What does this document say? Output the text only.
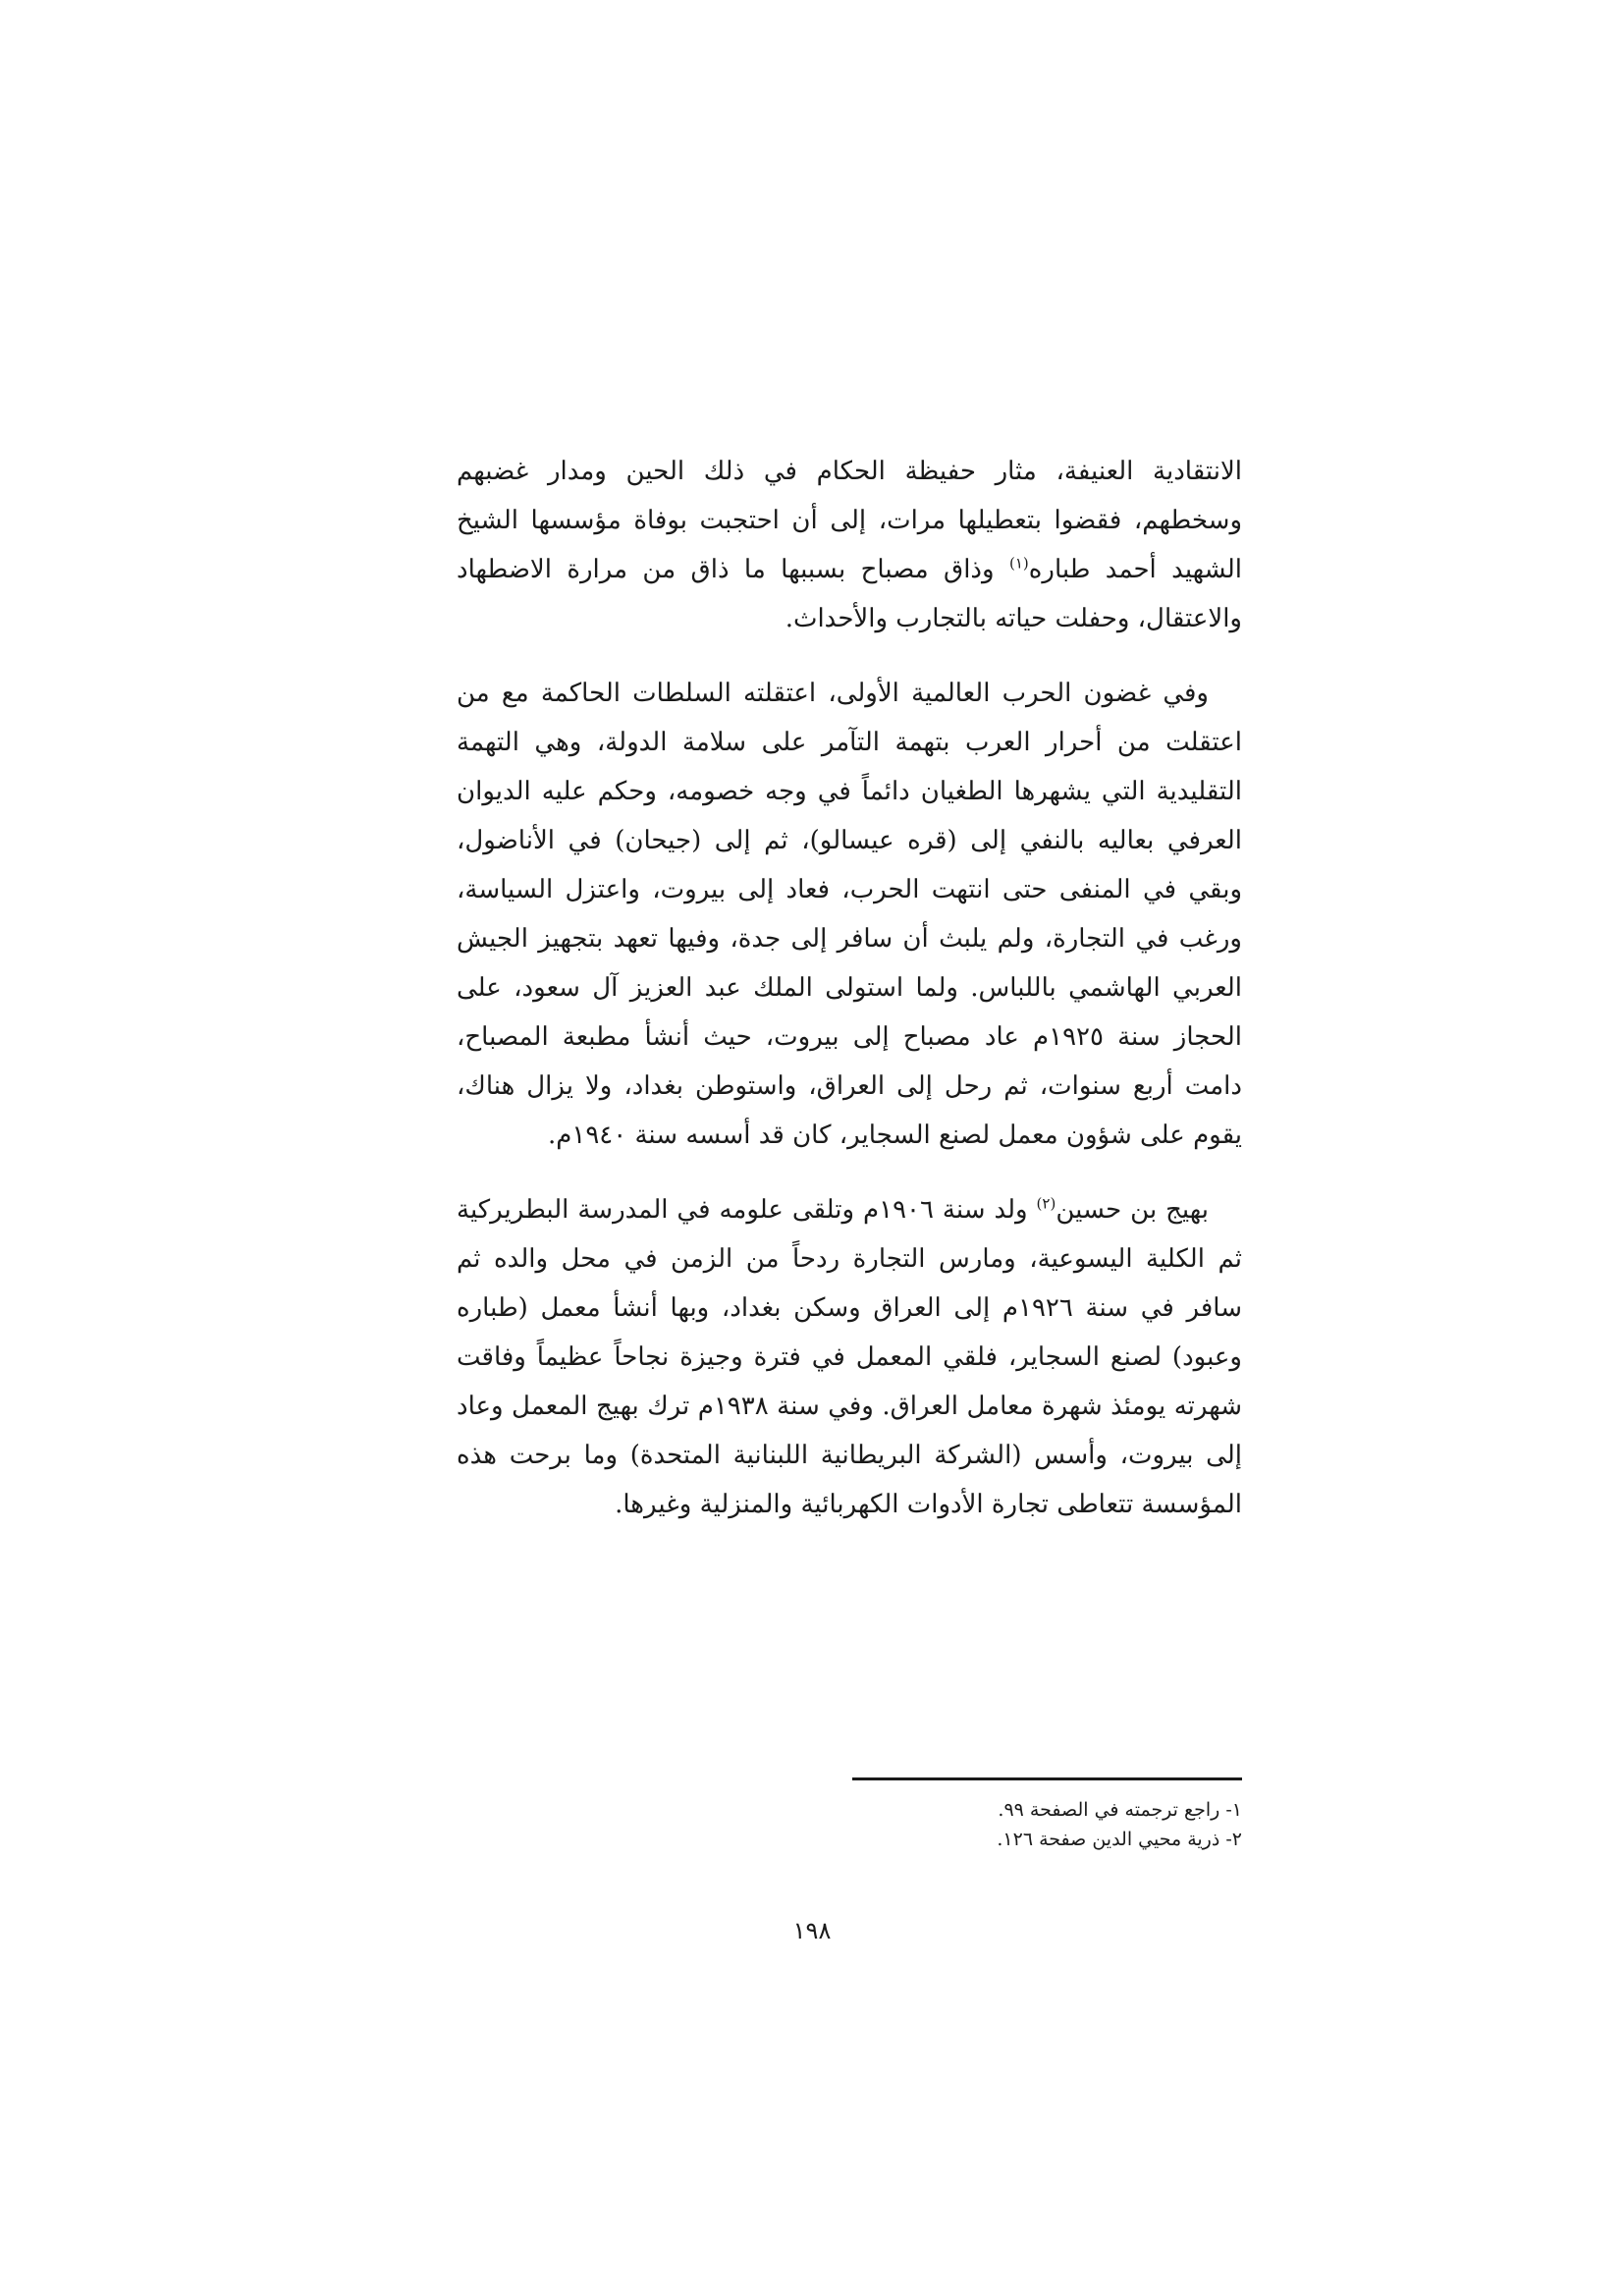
الانتقادية العنيفة، مثار حفيظة الحكام في ذلك الحين ومدار غضبهم وسخطهم، فقضوا بتعطيلها مرات، إلى أن احتجبت بوفاة مؤسسها الشيخ الشهيد أحمد طباره$^{(١)}$ وذاق مصباح بسببها ما ذاق من مرارة الاضطهاد والاعتقال، وحفلت حياته بالتجارب والأحداث.

وفي غضون الحرب العالمية الأولى، اعتقلته السلطات الحاكمة مع من اعتقلت من أحرار العرب بتهمة التآمر على سلامة الدولة، وهي التهمة التقليدية التي يشهرها الطغيان دائماً في وجه خصومه، وحكم عليه الديوان العرفي بعاليه بالنفي إلى (قره عيسالو)، ثم إلى (جيحان) في الأناضول، وبقي في المنفى حتى انتهت الحرب، فعاد إلى بيروت، واعتزل السياسة، ورغب في التجارة، ولم يلبث أن سافر إلى جدة، وفيها تعهد بتجهيز الجيش العربي الهاشمي باللباس. ولما استولى الملك عبد العزيز آل سعود، على الحجاز سنة ١٩٢٥م عاد مصباح إلى بيروت، حيث أنشأ مطبعة المصباح، دامت أربع سنوات، ثم رحل إلى العراق، واستوطن بغداد، ولا يزال هناك، يقوم على شؤون معمل لصنع السجاير، كان قد أسسه سنة ١٩٤٠م.

بهيج بن حسين$^{(٢)}$ ولد سنة ١٩٠٦م وتلقى علومه في المدرسة البطريركية ثم الكلية اليسوعية، ومارس التجارة ردحاً من الزمن في محل والده ثم سافر في سنة ١٩٢٦م إلى العراق وسكن بغداد، وبها أنشأ معمل (طباره وعبود) لصنع السجاير، فلقي المعمل في فترة وجيزة نجاحاً عظيماً وفاقت شهرته يومئذ شهرة معامل العراق. وفي سنة ١٩٣٨م ترك بهيج المعمل وعاد إلى بيروت، وأسس (الشركة البريطانية اللبنانية المتحدة) وما برحت هذه المؤسسة تتعاطى تجارة الأدوات الكهربائية والمنزلية وغيرها.

١- راجع ترجمته في الصفحة ٩٩.
٢- ذرية محيي الدين صفحة ١٢٦.
١٩٨
